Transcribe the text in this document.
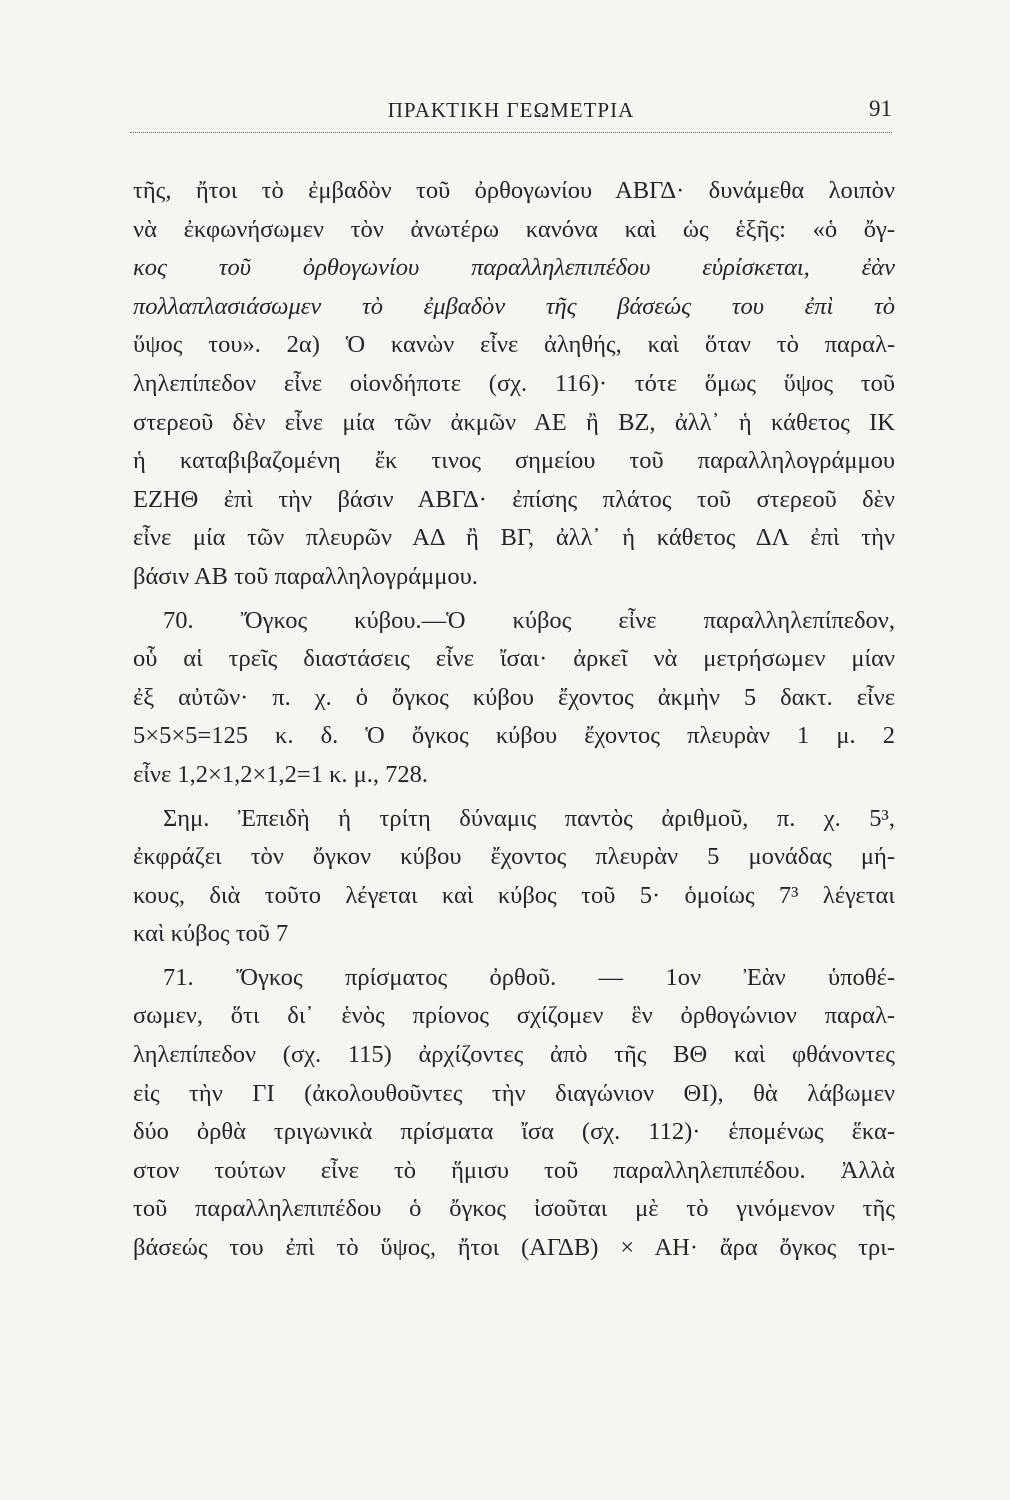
ΠΡΑΚΤΙΚΗ ΓΕΩΜΕΤΡΙΑ	91
τῆς, ἤτοι τὸ ἐμβαδὸν τοῦ ὀρθογωνίου ΑΒΓΔ· δυνάμεθα λοιπὸν
νὰ ἐκφωνήσωμεν τὸν ἀνωτέρω κανόνα καὶ ὡς ἑξῆς: «ὁ ὄγ-
κος τοῦ ὀρθογωνίου παραλληλεπιπέδου εὑρίσκεται, ἐὰν
πολλαπλασιάσωμεν τὸ ἐμβαδὸν τῆς βάσεώς του ἐπὶ τὸ
ὕψος του». 2α) Ὁ κανὼν εἶνε ἀληθής, καὶ ὅταν τὸ παραλ-
ληλεπίπεδον εἶνε οἱονδήποτε (σχ. 116)· τότε ὅμως ὕψος τοῦ
στερεοῦ δὲν εἶνε μία τῶν ἀκμῶν ΑΕ ἢ ΒΖ, ἀλλ᾽ ἡ κάθετος ΙΚ
ἡ καταβιβαζομένη ἔκ τινος σημείου τοῦ παραλληλογράμμου
ΕΖΗΘ ἐπὶ τὴν βάσιν ΑΒΓΔ· ἐπίσης πλάτος τοῦ στερεοῦ δὲν
εἶνε μία τῶν πλευρῶν ΑΔ ἢ ΒΓ, ἀλλ᾽ ἡ κάθετος ΔΛ ἐπὶ τὴν
βάσιν ΑΒ τοῦ παραλληλογράμμου.
70. Ὄγκος κύβου.—Ὁ κύβος εἶνε παραλληλεπίπεδον,
οὗ αἱ τρεῖς διαστάσεις εἶνε ἴσαι· ἀρκεῖ νὰ μετρήσωμεν μίαν
ἐξ αὐτῶν· π. χ. ὁ ὄγκος κύβου ἔχοντος ἀκμὴν 5 δακτ. εἶνε
5×5×5=125 κ. δ. Ὁ ὄγκος κύβου ἔχοντος πλευρὰν 1 μ. 2
εἶνε 1,2×1,2×1,2=1 κ. μ., 728.
Σημ. Ἐπειδὴ ἡ τρίτη δύναμις παντὸς ἀριθμοῦ, π. χ. 5³,
ἐκφράζει τὸν ὄγκον κύβου ἔχοντος πλευρὰν 5 μονάδας μή-
κους, διὰ τοῦτο λέγεται καὶ κύβος τοῦ 5· ὁμοίως 7³ λέγεται
καὶ κύβος τοῦ 7
71. Ὄγκος πρίσματος ὀρθοῦ. — 1ον Ἐὰν ὑποθέ-
σωμεν, ὅτι δι᾽ ἑνὸς πρίονος σχίζομεν ἓν ὀρθογώνιον παραλ-
ληλεπίπεδον (σχ. 115) ἀρχίζοντες ἀπὸ τῆς ΒΘ καὶ φθάνοντες
εἰς τὴν ΓΙ (ἀκολουθοῦντες τὴν διαγώνιον ΘΙ), θὰ λάβωμεν
δύο ὀρθὰ τριγωνικὰ πρίσματα ἴσα (σχ. 112)· ἑπομένως ἕκα-
στον τούτων εἶνε τὸ ἥμισυ τοῦ παραλληλεπιπέδου. Ἀλλὰ
τοῦ παραλληλεπιπέδου ὁ ὄγκος ἰσοῦται μὲ τὸ γινόμενον τῆς
βάσεώς του ἐπὶ τὸ ὕψος, ἤτοι (ΑΓΔΒ) × ΑΗ· ἄρα ὄγκος τρι-
